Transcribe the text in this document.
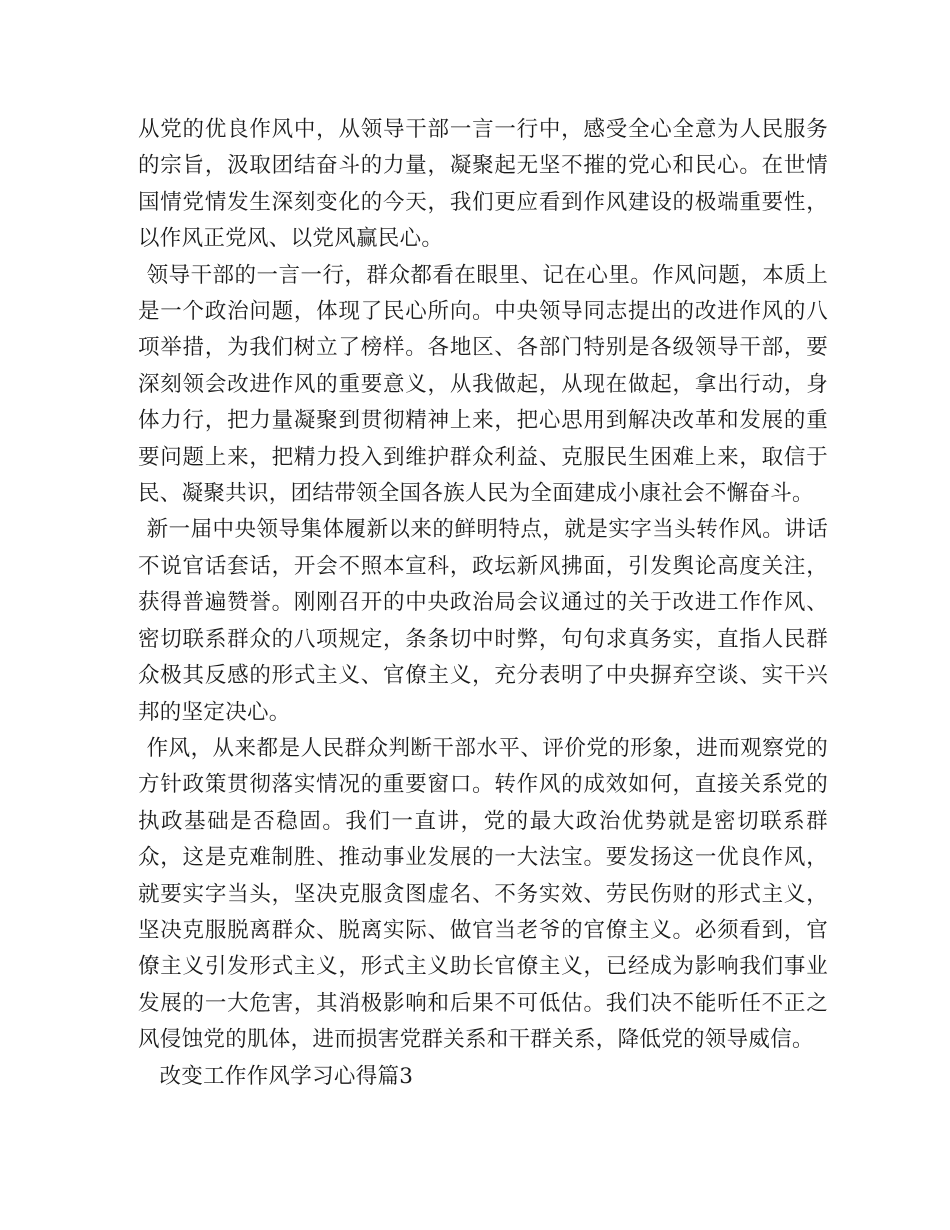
从党的优良作风中，从领导干部一言一行中，感受全心全意为人民服务的宗旨，汲取团结奋斗的力量，凝聚起无坚不摧的党心和民心。在世情国情党情发生深刻变化的今天，我们更应看到作风建设的极端重要性，以作风正党风、以党风赢民心。

领导干部的一言一行，群众都看在眼里、记在心里。作风问题，本质上是一个政治问题，体现了民心所向。中央领导同志提出的改进作风的八项举措，为我们树立了榜样。各地区、各部门特别是各级领导干部，要深刻领会改进作风的重要意义，从我做起，从现在做起，拿出行动，身体力行，把力量凝聚到贯彻精神上来，把心思用到解决改革和发展的重要问题上来，把精力投入到维护群众利益、克服民生困难上来，取信于民、凝聚共识，团结带领全国各族人民为全面建成小康社会不懈奋斗。

新一届中央领导集体履新以来的鲜明特点，就是实字当头转作风。讲话不说官话套话，开会不照本宣科，政坛新风拂面，引发舆论高度关注，获得普遍赞誉。刚刚召开的中央政治局会议通过的关于改进工作作风、密切联系群众的八项规定，条条切中时弊，句句求真务实，直指人民群众极其反感的形式主义、官僚主义，充分表明了中央摒弃空谈、实干兴邦的坚定决心。

作风，从来都是人民群众判断干部水平、评价党的形象，进而观察党的方针政策贯彻落实情况的重要窗口。转作风的成效如何，直接关系党的执政基础是否稳固。我们一直讲，党的最大政治优势就是密切联系群众，这是克难制胜、推动事业发展的一大法宝。要发扬这一优良作风，就要实字当头，坚决克服贪图虚名、不务实效、劳民伤财的形式主义，坚决克服脱离群众、脱离实际、做官当老爷的官僚主义。必须看到，官僚主义引发形式主义，形式主义助长官僚主义，已经成为影响我们事业发展的一大危害，其消极影响和后果不可低估。我们决不能听任不正之风侵蚀党的肌体，进而损害党群关系和干群关系，降低党的领导威信。

改变工作作风学习心得篇3
